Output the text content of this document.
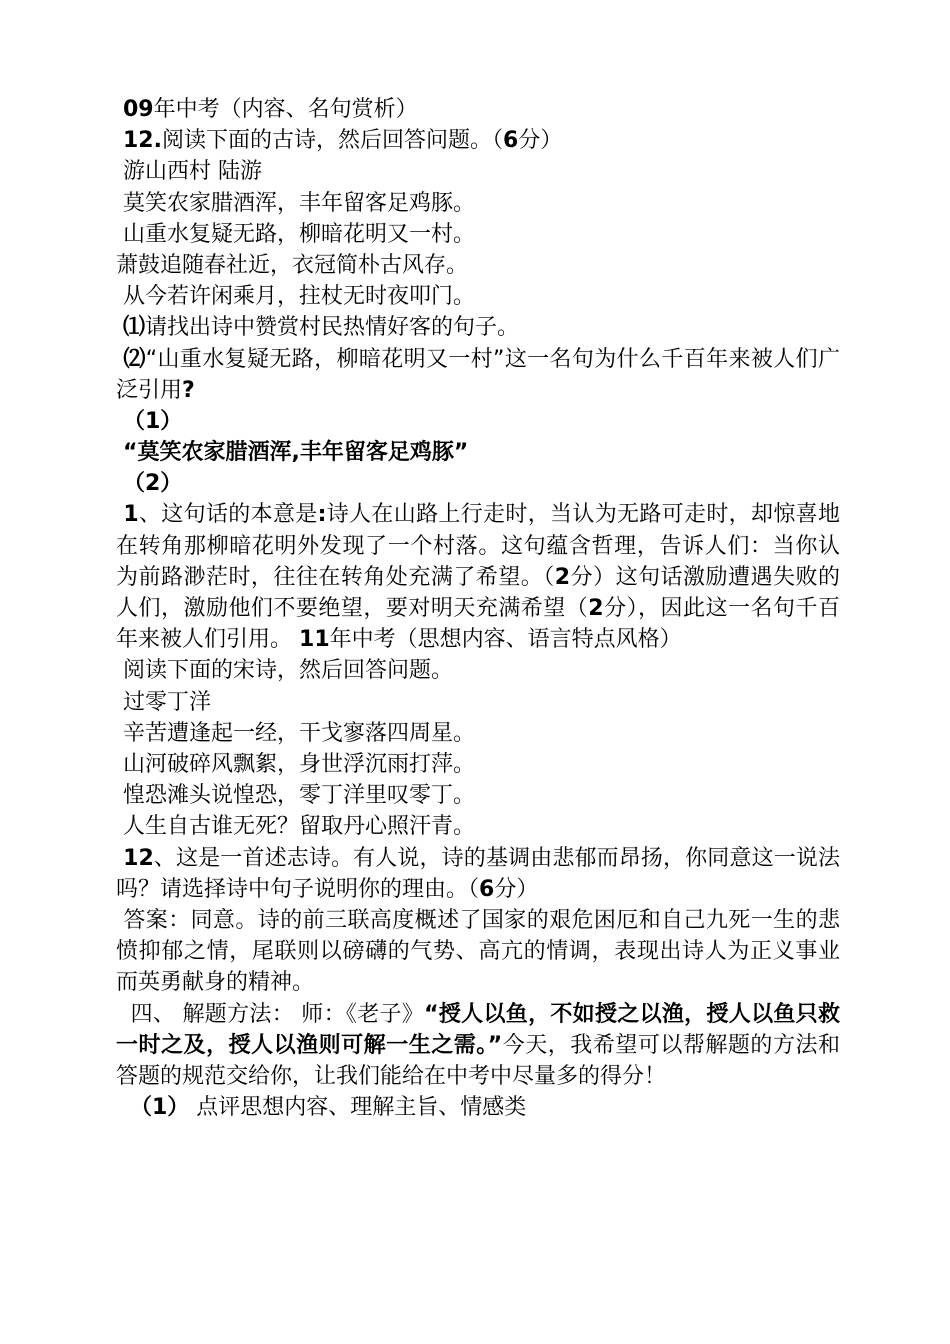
09年中考（内容、名句赏析）
12.阅读下面的古诗，然后回答问题。（6分）
游山西村 陆游
莫笑农家腊酒浑，丰年留客足鸡豚。
山重水复疑无路，柳暗花明又一村。
萧鼓追随春社近，衣冠简朴古风存。
从今若许闲乘月，拄杖无时夜叩门。
⑴请找出诗中赞赏村民热情好客的句子。

⑵“山重水复疑无路，柳暗花明又一村”这一名句为什么千百年来被人们广泛引用?

（1）
“莫笑农家腊酒浑,丰年留客足鸡豚”
（2）

1、这句话的本意是:诗人在山路上行走时，当认为无路可走时，却惊喜地在转角那柳暗花明外发现了一个村落。这句蕴含哲理，告诉人们：当你认为前路渺茫时，往往在转角处充满了希望。（2分）这句话激励遭遇失败的人们，激励他们不要绝望，要对明天充满希望（2分），因此这一名句千百年来被人们引用。 11年中考（思想内容、语言特点风格）

阅读下面的宋诗，然后回答问题。
过零丁洋
辛苦遭逢起一经，干戈寥落四周星。
山河破碎风飘絮，身世浮沉雨打萍。
惶恐滩头说惶恐，零丁洋里叹零丁。
人生自古谁无死？留取丹心照汗青。

12、这是一首述志诗。有人说，诗的基调由悲郁而昂扬，你同意这一说法吗？请选择诗中句子说明你的理由。（6分）

答案：同意。诗的前三联高度概述了国家的艰危困厄和自己九死一生的悲愤抑郁之情，尾联则以磅礴的气势、高亢的情调，表现出诗人为正义事业而英勇献身的精神。

四、 解题方法： 师：《老子》“授人以鱼，不如授之以渔，授人以鱼只救一时之及，授人以渔则可解一生之需。”今天，我希望可以帮解题的方法和答题的规范交给你，让我们能给在中考中尽量多的得分！

（1） 点评思想内容、理解主旨、情感类
